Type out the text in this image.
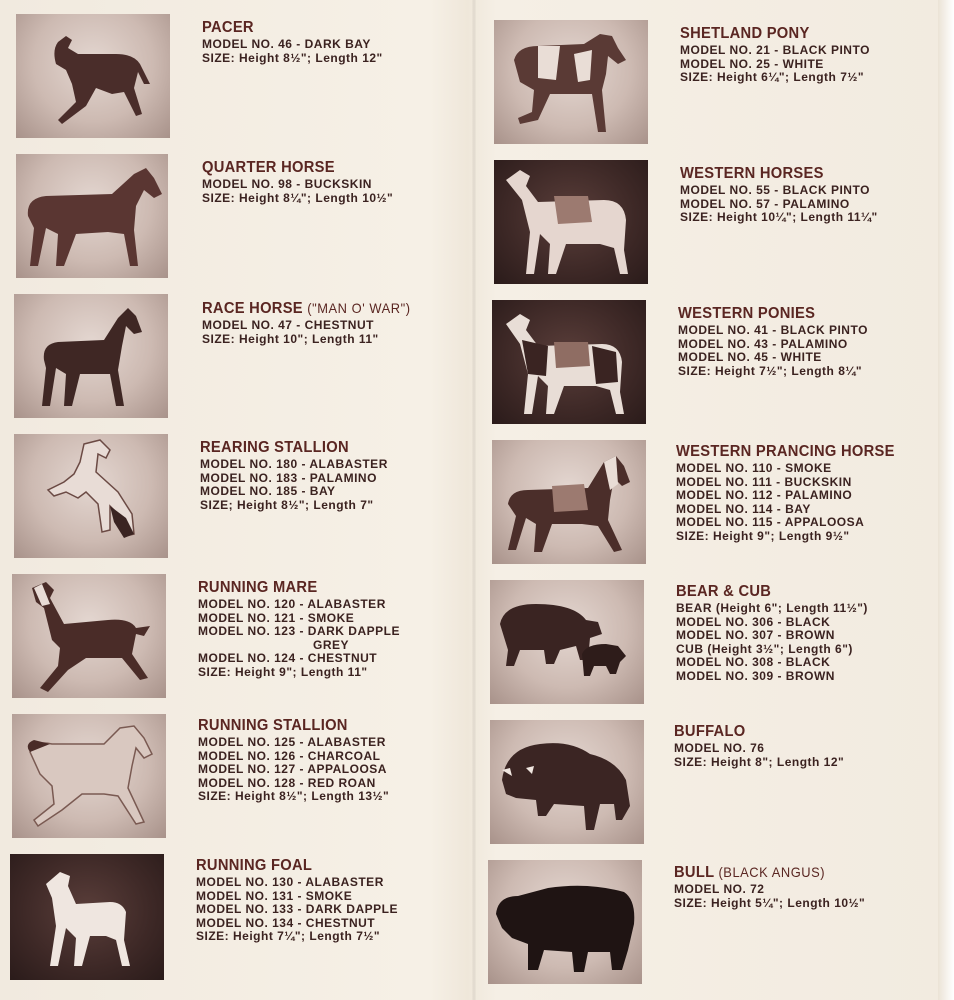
PACER
MODEL NO. 46 - DARK BAY
SIZE: Height 8½"; Length 12"
QUARTER HORSE
MODEL NO. 98 - BUCKSKIN
SIZE: Height 8¼"; Length 10½"
RACE HORSE ("MAN O' WAR")
MODEL NO. 47 - CHESTNUT
SIZE: Height 10"; Length 11"
REARING STALLION
MODEL NO. 180 - ALABASTER
MODEL NO. 183 - PALAMINO
MODEL NO. 185 - BAY
SIZE; Height 8½"; Length 7"
RUNNING MARE
MODEL NO. 120 - ALABASTER
MODEL NO. 121 - SMOKE
MODEL NO. 123 - DARK DAPPLE
GREY
MODEL NO. 124 - CHESTNUT
SIZE: Height 9"; Length 11"
RUNNING STALLION
MODEL NO. 125 - ALABASTER
MODEL NO. 126 - CHARCOAL
MODEL NO. 127 - APPALOOSA
MODEL NO. 128 - RED ROAN
SIZE: Height 8½"; Length 13½"
RUNNING FOAL
MODEL NO. 130 - ALABASTER
MODEL NO. 131 - SMOKE
MODEL NO. 133 - DARK DAPPLE
MODEL NO. 134 - CHESTNUT
SIZE: Height 7¼"; Length 7½"
SHETLAND PONY
MODEL NO. 21 - BLACK PINTO
MODEL NO. 25 - WHITE
SIZE: Height 6¼"; Length 7½"
WESTERN HORSES
MODEL NO. 55 - BLACK PINTO
MODEL NO. 57 - PALAMINO
SIZE: Height 10¼"; Length 11¼"
WESTERN PONIES
MODEL NO. 41 - BLACK PINTO
MODEL NO. 43 - PALAMINO
MODEL NO. 45 - WHITE
SIZE: Height 7½"; Length 8¼"
WESTERN PRANCING HORSE
MODEL NO. 110 - SMOKE
MODEL NO. 111 - BUCKSKIN
MODEL NO. 112 - PALAMINO
MODEL NO. 114 - BAY
MODEL NO. 115 - APPALOOSA
SIZE: Height 9"; Length 9½"
BEAR & CUB
BEAR (Height 6"; Length 11½")
MODEL NO. 306 - BLACK
MODEL NO. 307 - BROWN
CUB (Height 3½"; Length 6")
MODEL NO. 308 - BLACK
MODEL NO. 309 - BROWN
BUFFALO
MODEL NO. 76
SIZE: Height 8"; Length 12"
BULL (BLACK ANGUS)
MODEL NO. 72
SIZE: Height 5¼"; Length 10½"
